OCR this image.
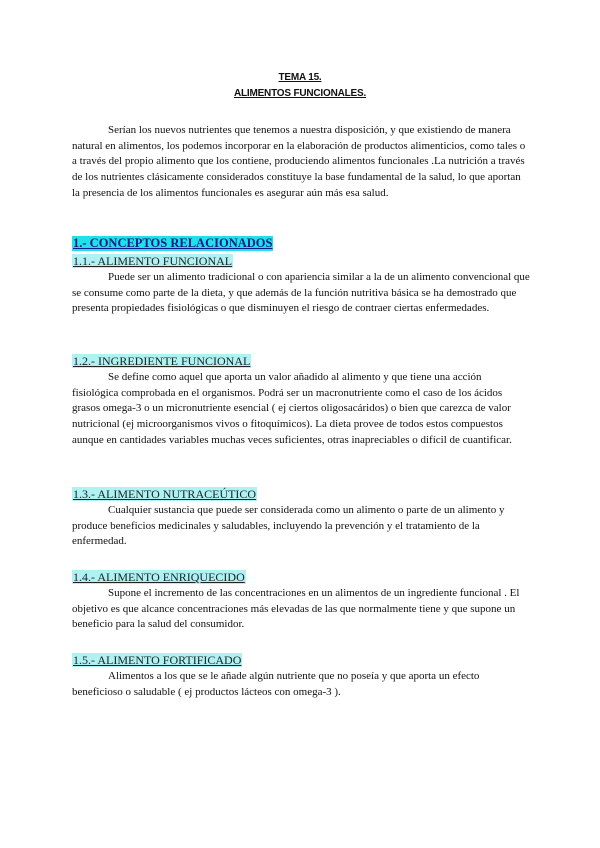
TEMA 15.
ALIMENTOS FUNCIONALES.

Serían los nuevos nutrientes que tenemos a nuestra disposición, y que existiendo de manera natural en alimentos, los podemos incorporar en la elaboración de productos alimenticios, como tales o a través del propio alimento que los contiene, produciendo alimentos funcionales .La nutrición a través de los nutrientes clásicamente considerados constituye la base fundamental de la salud, lo que aportan la presencia de los alimentos funcionales es asegurar aún más esa salud.

1.- CONCEPTOS RELACIONADOS
1.1.- ALIMENTO FUNCIONAL

Puede ser un alimento tradicional o con apariencia similar a la de un alimento convencional que se consume como parte de la dieta, y que además de la función nutritiva básica se ha demostrado que presenta propiedades fisiológicas o que disminuyen el riesgo de contraer ciertas enfermedades.

1.2.- INGREDIENTE FUNCIONAL

Se define como aquel que aporta un valor añadido al alimento y que tiene una acción fisiológica comprobada en el organismos. Podrá ser un macronutriente como el caso de los ácidos grasos omega-3 o un micronutriente esencial ( ej ciertos oligosacáridos) o bien que carezca de valor nutricional (ej microorganismos vivos o fitoquímicos). La dieta provee de todos estos compuestos aunque en cantidades variables muchas veces suficientes, otras inapreciables o difícil de cuantificar.

1.3.- ALIMENTO NUTRACEÚTICO

Cualquier sustancia que puede ser considerada como un alimento o parte de un alimento y produce beneficios medicinales y saludables, incluyendo la prevención y el tratamiento de la enfermedad.

1.4.- ALIMENTO ENRIQUECIDO

Supone el incremento de las concentraciones en un alimentos de un ingrediente funcional . El objetivo es que alcance concentraciones más elevadas de las que normalmente tiene y que supone un beneficio para la salud del consumidor.

1.5.- ALIMENTO FORTIFICADO

Alimentos a los que se le añade algún nutriente que no poseía y que aporta un efecto beneficioso o saludable ( ej productos lácteos con omega-3 ).
